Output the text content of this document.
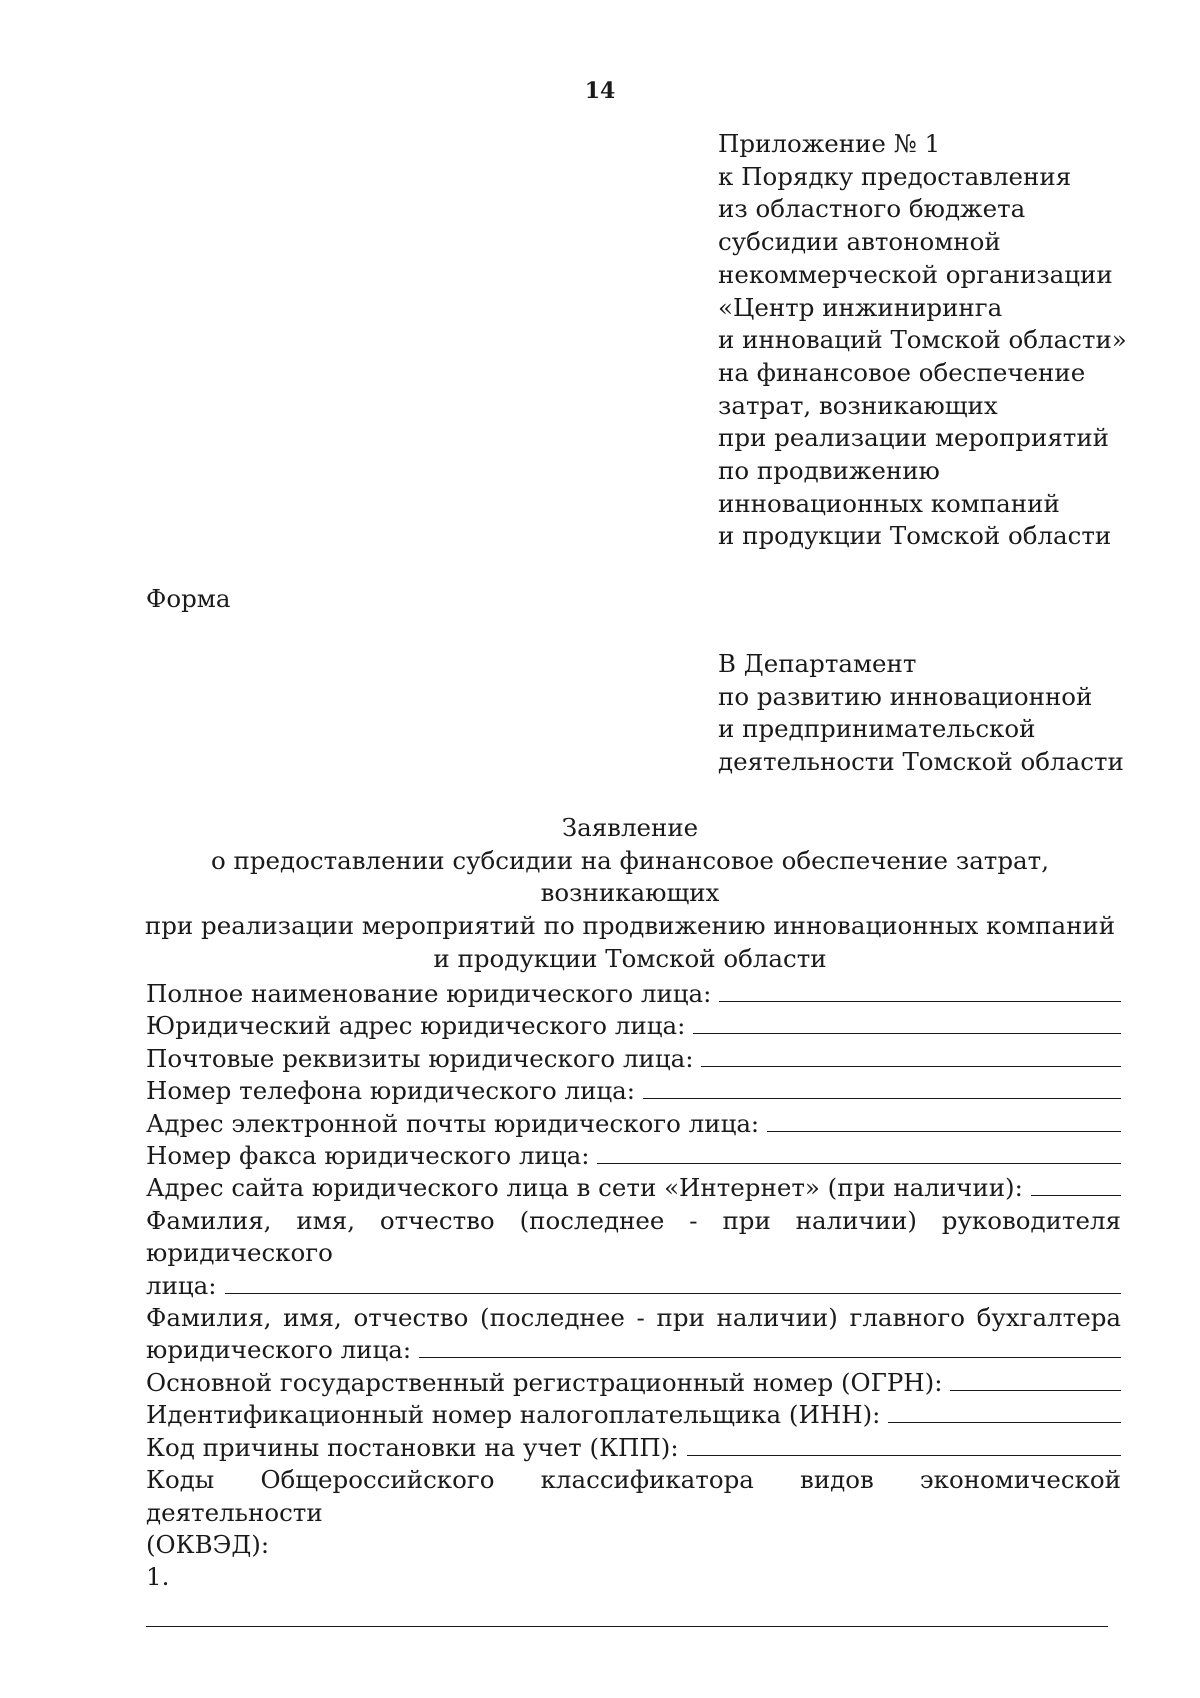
14
Приложение № 1
к Порядку предоставления
из областного бюджета
субсидии автономной
некоммерческой организации
«Центр инжиниринга
и инноваций Томской области»
на финансовое обеспечение
затрат, возникающих
при реализации мероприятий
по продвижению
инновационных компаний
и продукции Томской области
Форма
В Департамент
по развитию инновационной
и предпринимательской
деятельности Томской области
Заявление
о предоставлении субсидии на финансовое обеспечение затрат, возникающих
при реализации мероприятий по продвижению инновационных компаний
и продукции Томской области
Полное наименование юридического лица:
Юридический адрес юридического лица:
Почтовые реквизиты юридического лица:
Номер телефона юридического лица:
Адрес электронной почты юридического лица:
Номер факса юридического лица:
Адрес сайта юридического лица в сети «Интернет» (при наличии):
Фамилия, имя, отчество (последнее - при наличии) руководителя юридического
лица:
Фамилия, имя, отчество (последнее - при наличии) главного бухгалтера
юридического лица:
Основной государственный регистрационный номер (ОГРН):
Идентификационный номер налогоплательщика (ИНН):
Код причины постановки на учет (КПП):
Коды Общероссийского классификатора видов экономической деятельности
(ОКВЭД):
1.
